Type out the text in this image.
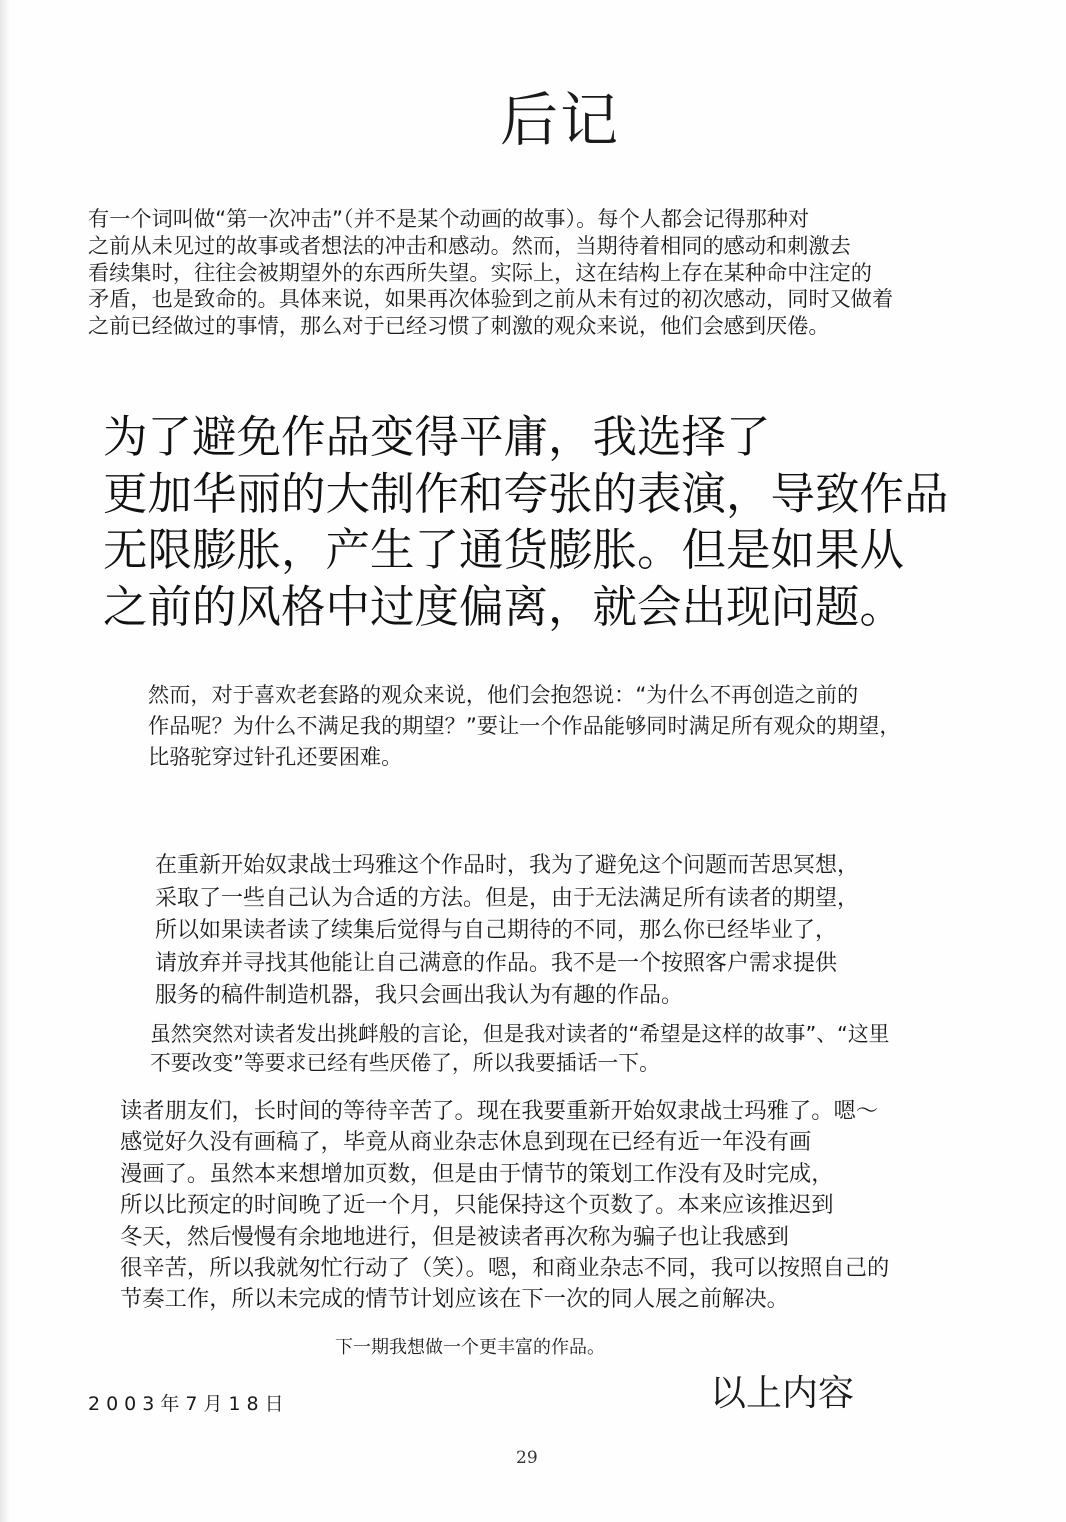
后记

有一个词叫做“第一次冲击”（并不是某个动画的故事）。每个人都会记得那种对
之前从未见过的故事或者想法的冲击和感动。然而，当期待着相同的感动和刺激去
看续集时，往往会被期望外的东西所失望。实际上，这在结构上存在某种命中注定的
矛盾，也是致命的。具体来说，如果再次体验到之前从未有过的初次感动，同时又做着
之前已经做过的事情，那么对于已经习惯了刺激的观众来说，他们会感到厌倦。

为了避免作品变得平庸，我选择了
更加华丽的大制作和夸张的表演，导致作品
无限膨胀，产生了通货膨胀。但是如果从
之前的风格中过度偏离，就会出现问题。

然而，对于喜欢老套路的观众来说，他们会抱怨说：“为什么不再创造之前的
作品呢？为什么不满足我的期望？”要让一个作品能够同时满足所有观众的期望，
比骆驼穿过针孔还要困难。

在重新开始奴隶战士玛雅这个作品时，我为了避免这个问题而苦思冥想，
采取了一些自己认为合适的方法。但是，由于无法满足所有读者的期望，
所以如果读者读了续集后觉得与自己期待的不同，那么你已经毕业了，
请放弃并寻找其他能让自己满意的作品。我不是一个按照客户需求提供
服务的稿件制造机器，我只会画出我认为有趣的作品。

虽然突然对读者发出挑衅般的言论，但是我对读者的“希望是这样的故事”、“这里
不要改变”等要求已经有些厌倦了，所以我要插话一下。

读者朋友们，长时间的等待辛苦了。现在我要重新开始奴隶战士玛雅了。嗯～
感觉好久没有画稿了，毕竟从商业杂志休息到现在已经有近一年没有画
漫画了。虽然本来想增加页数，但是由于情节的策划工作没有及时完成，
所以比预定的时间晚了近一个月，只能保持这个页数了。本来应该推迟到
冬天，然后慢慢有余地地进行，但是被读者再次称为骗子也让我感到
很辛苦，所以我就匆忙行动了（笑）。嗯，和商业杂志不同，我可以按照自己的
节奏工作，所以未完成的情节计划应该在下一次的同人展之前解决。

下一期我想做一个更丰富的作品。

2003年7月18日	以上内容

29
